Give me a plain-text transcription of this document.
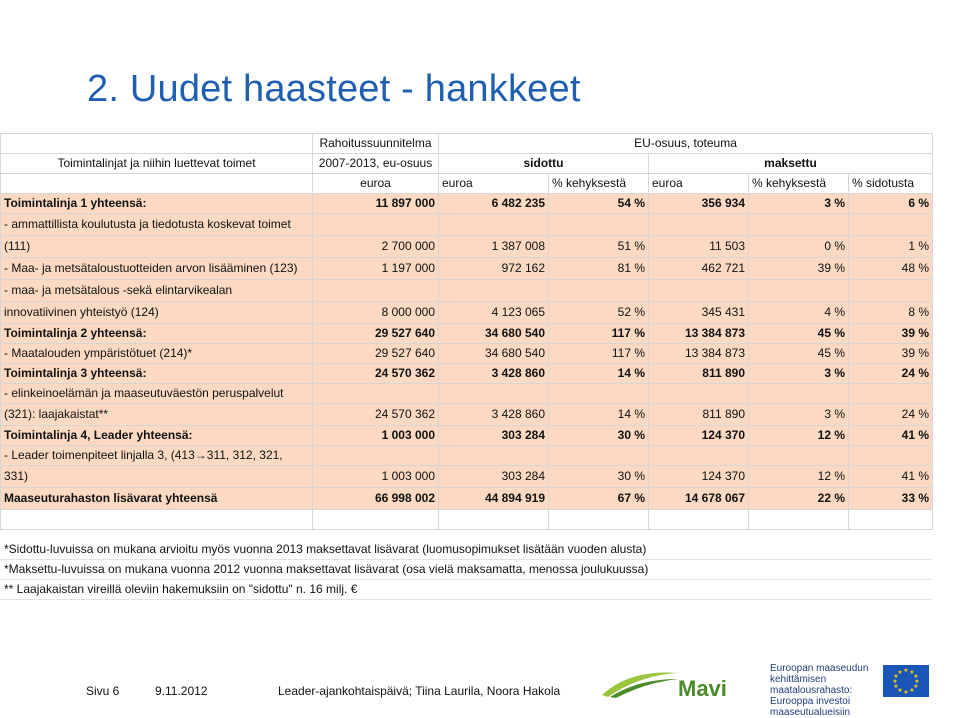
2. Uudet haasteet - hankkeet
	Rahoitussuunnitelma	EU-osuus, toteuma				
Toimintalinjat ja niihin luettevat toimet	2007-2013, eu-osuus	sidottu		maksettu		
	euroa	euroa	% kehyksestä	euroa	% kehyksestä	% sidotusta
Toimintalinja 1 yhteensä:	11 897 000	6 482 235	54 %	356 934	3 %	6 %
- ammattillista koulutusta ja tiedotusta koskevat toimet						
(111)	2 700 000	1 387 008	51 %	11 503	0 %	1 %
- Maa- ja metsätaloustuotteiden arvon lisääminen (123)	1 197 000	972 162	81 %	462 721	39 %	48 %
- maa- ja metsätalous -sekä elintarvikealan						
innovatiivinen yhteistyö (124)	8 000 000	4 123 065	52 %	345 431	4 %	8 %
Toimintalinja 2 yhteensä:	29 527 640	34 680 540	117 %	13 384 873	45 %	39 %
- Maatalouden ympäristötuet (214)*	29 527 640	34 680 540	117 %	13 384 873	45 %	39 %
Toimintalinja 3 yhteensä:	24 570 362	3 428 860	14 %	811 890	3 %	24 %
- elinkeinoelämän ja maaseutuväestön peruspalvelut						
(321): laajakaistat**	24 570 362	3 428 860	14 %	811 890	3 %	24 %
Toimintalinja 4, Leader yhteensä:	1 003 000	303 284	30 %	124 370	12 %	41 %
- Leader toimenpiteet linjalla 3, (413→311, 312, 321,						
331)	1 003 000	303 284	30 %	124 370	12 %	41 %
Maaseuturahaston lisävarat yhteensä	66 998 002	44 894 919	67 %	14 678 067	22 %	33 %

*Sidottu-luvuissa on mukana arvioitu myös vuonna 2013 maksettavat lisävarat (luomusopimukset lisätään vuoden alusta)
*Maksettu-luvuissa on mukana vuonna 2012 vuonna maksettavat lisävarat (osa vielä maksamatta, menossa joulukuussa)
** Laajakaistan vireillä oleviin hakemuksiin on "sidottu" n. 16 milj. €
Sivu 6	9.11.2012	Leader-ajankohtaispäivä; Tiina Laurila, Noora Hakola	Mavi
Euroopan maaseudun
kehittämisen maatalousrahasto:
Eurooppa investoi maaseutualueisiin
★ ★
★
★
★
★
★
★
★
★
★
★
